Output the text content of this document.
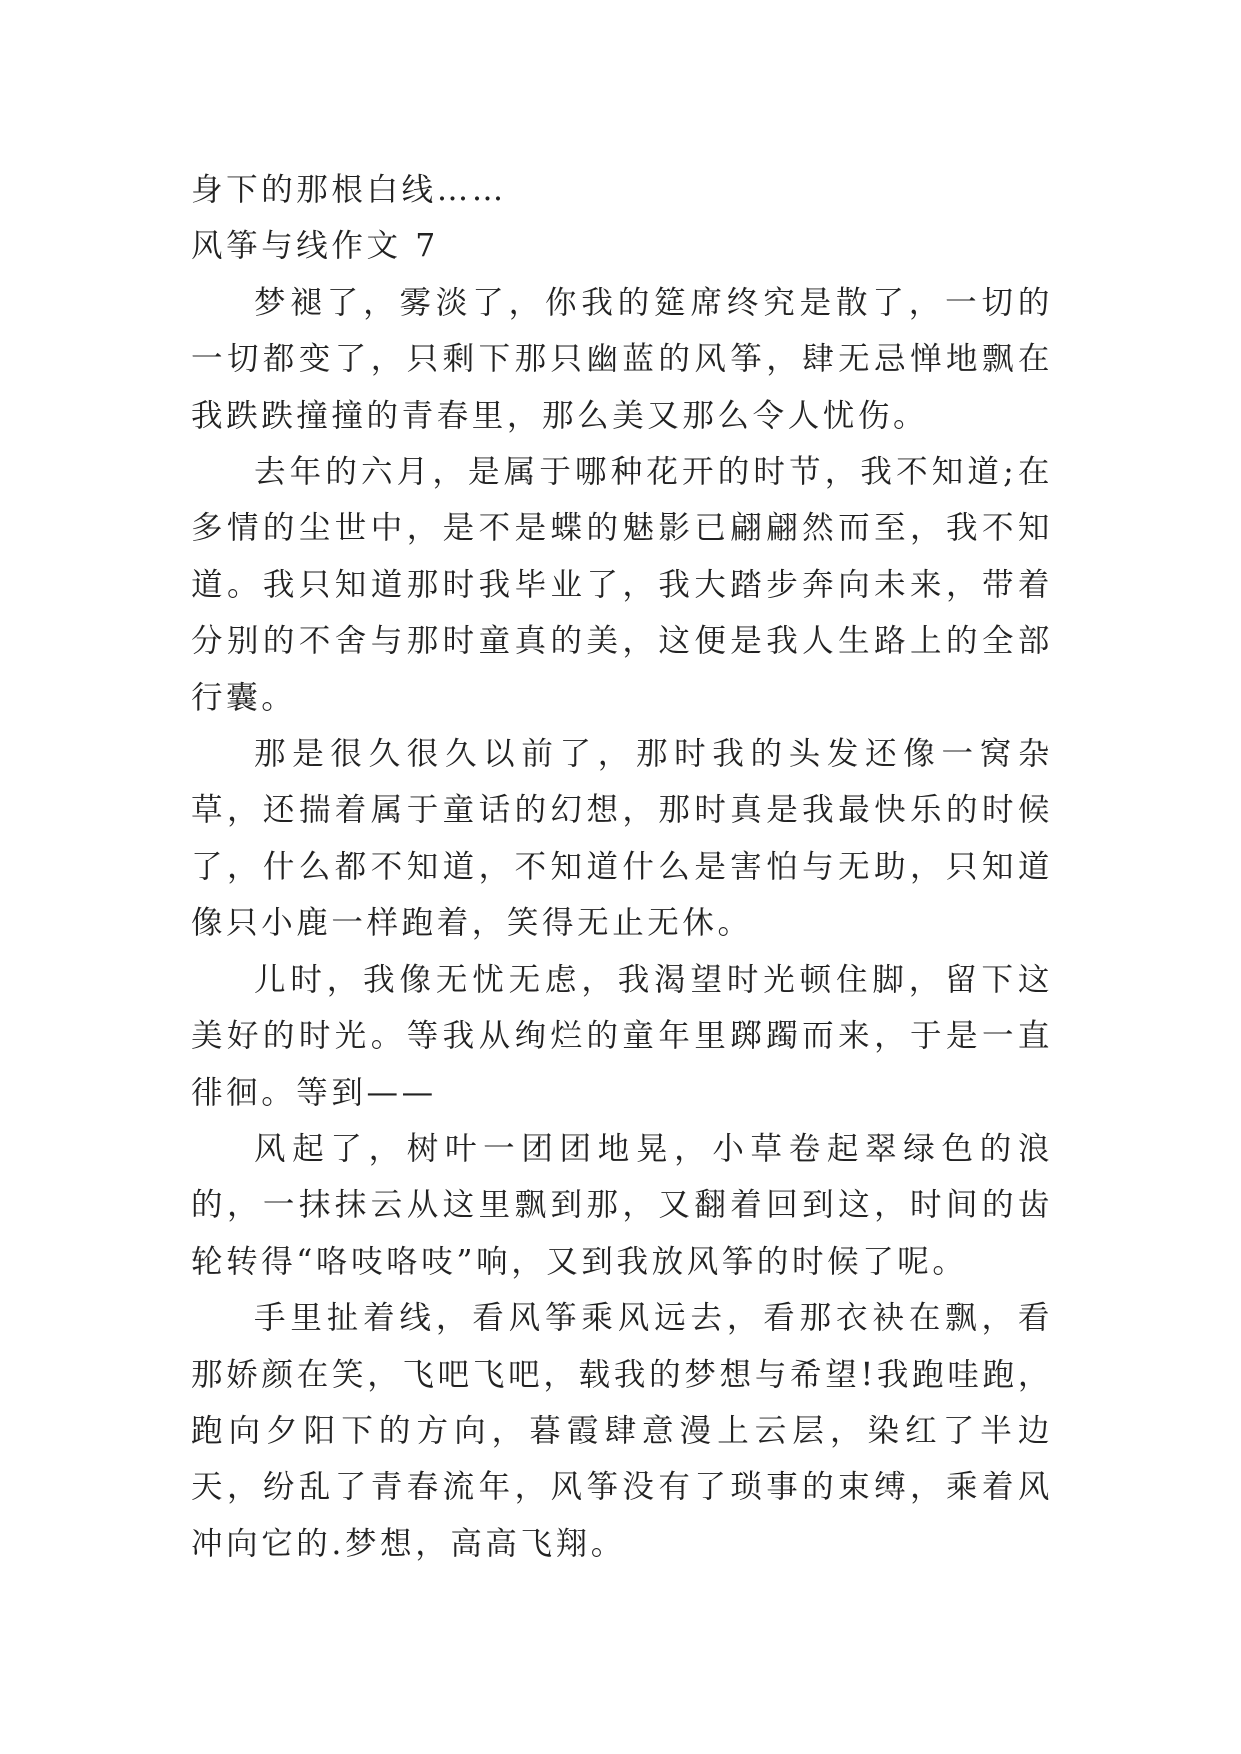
身下的那根白线……

风筝与线作文 7

梦褪了，雾淡了，你我的筵席终究是散了，一切的一切都变了，只剩下那只幽蓝的风筝，肆无忌惮地飘在我跌跌撞撞的青春里，那么美又那么令人忧伤。

去年的六月，是属于哪种花开的时节，我不知道;在多情的尘世中，是不是蝶的魅影已翩翩然而至，我不知道。我只知道那时我毕业了，我大踏步奔向未来，带着分别的不舍与那时童真的美，这便是我人生路上的全部行囊。

那是很久很久以前了，那时我的头发还像一窝杂草，还揣着属于童话的幻想，那时真是我最快乐的时候了，什么都不知道，不知道什么是害怕与无助，只知道像只小鹿一样跑着，笑得无止无休。

儿时，我像无忧无虑，我渴望时光顿住脚，留下这美好的时光。等我从绚烂的童年里踯躅而来，于是一直徘徊。等到——

风起了，树叶一团团地晃，小草卷起翠绿色的浪的，一抹抹云从这里飘到那，又翻着回到这，时间的齿轮转得“咯吱咯吱”响，又到我放风筝的时候了呢。

手里扯着线，看风筝乘风远去，看那衣袂在飘，看那娇颜在笑，飞吧飞吧，载我的梦想与希望!我跑哇跑，跑向夕阳下的方向，暮霞肆意漫上云层，染红了半边天，纷乱了青春流年，风筝没有了琐事的束缚，乘着风冲向它的.梦想，高高飞翔。
